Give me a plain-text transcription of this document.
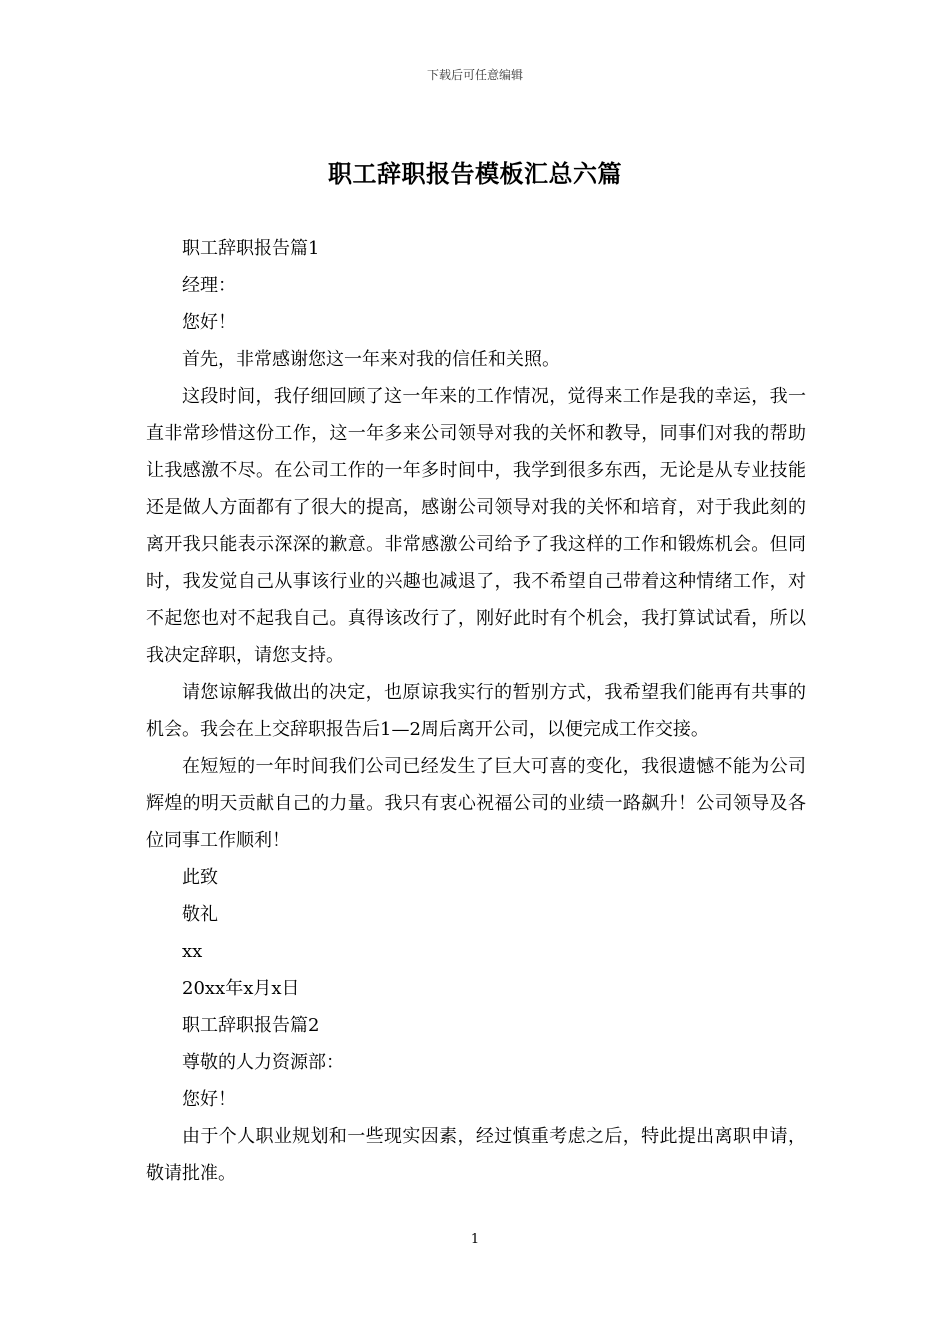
下载后可任意编辑
职工辞职报告模板汇总六篇

职工辞职报告篇1

经理：

您好！

首先，非常感谢您这一年来对我的信任和关照。

这段时间，我仔细回顾了这一年来的工作情况，觉得来工作是我的幸运，我一直非常珍惜这份工作，这一年多来公司领导对我的关怀和教导，同事们对我的帮助让我感激不尽。在公司工作的一年多时间中，我学到很多东西，无论是从专业技能还是做人方面都有了很大的提高，感谢公司领导对我的关怀和培育，对于我此刻的离开我只能表示深深的歉意。非常感激公司给予了我这样的工作和锻炼机会。但同时，我发觉自己从事该行业的兴趣也减退了，我不希望自己带着这种情绪工作，对不起您也对不起我自己。真得该改行了，刚好此时有个机会，我打算试试看，所以我决定辞职，请您支持。

请您谅解我做出的决定，也原谅我实行的暂别方式，我希望我们能再有共事的机会。我会在上交辞职报告后1—2周后离开公司，以便完成工作交接。

在短短的一年时间我们公司已经发生了巨大可喜的变化，我很遗憾不能为公司辉煌的明天贡献自己的力量。我只有衷心祝福公司的业绩一路飙升！公司领导及各位同事工作顺利！

此致

敬礼

xx

20xx年x月x日

职工辞职报告篇2

尊敬的人力资源部：

您好！

由于个人职业规划和一些现实因素，经过慎重考虑之后，特此提出离职申请，敬请批准。

1
